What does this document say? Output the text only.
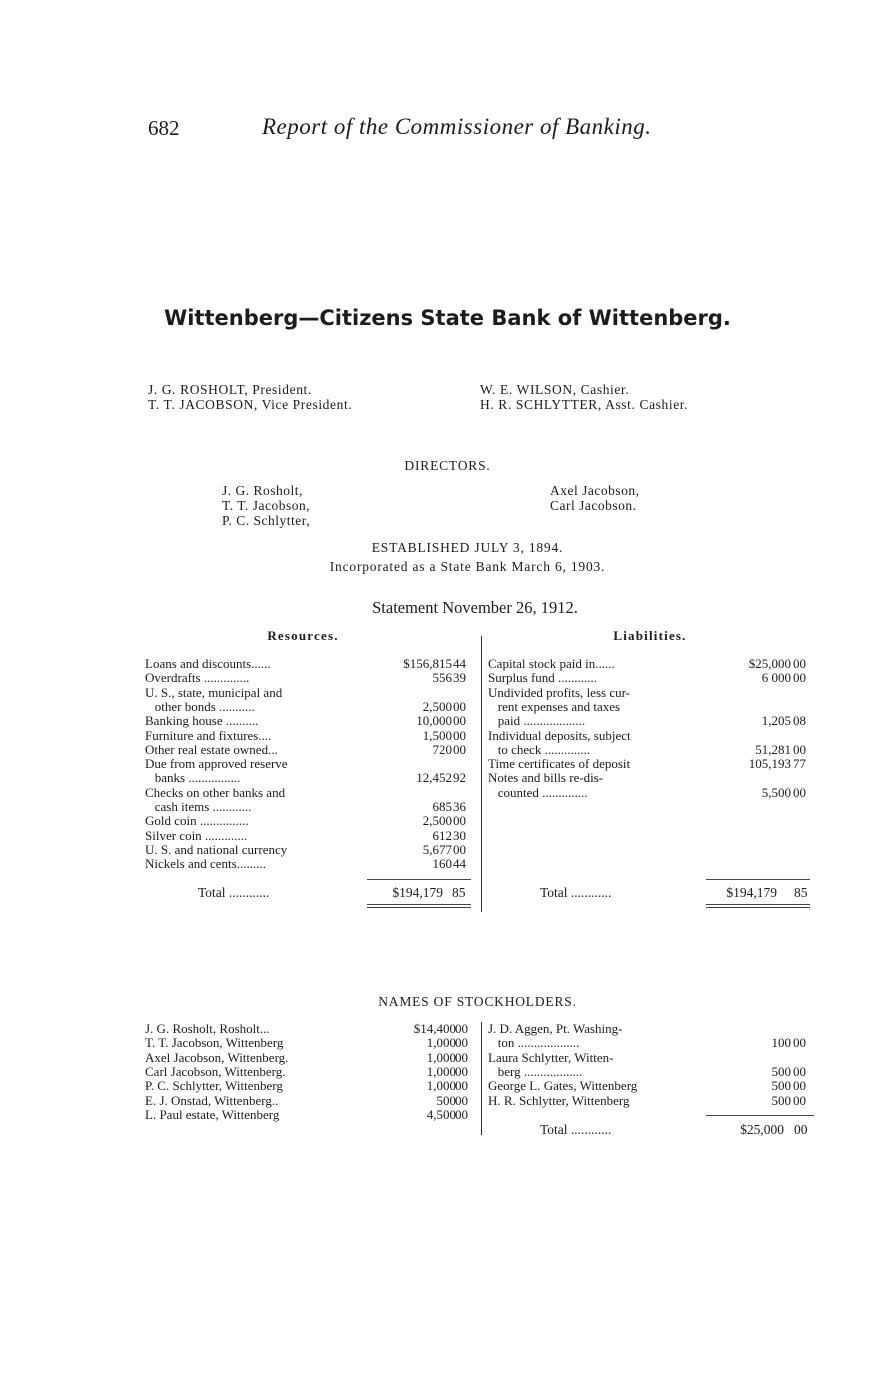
682	Report of the Commissioner of Banking.
Wittenberg—Citizens State Bank of Wittenberg.
J. G. ROSHOLT, President.
T. T. JACOBSON, Vice President.
W. E. WILSON, Cashier.
H. R. SCHLYTTER, Asst. Cashier.
DIRECTORS.
J. G. Rosholt,
T. T. Jacobson,
P. C. Schlytter,
Axel Jacobson,
Carl Jacobson.
ESTABLISHED JULY 3, 1894.
Incorporated as a State Bank March 6, 1903.
Statement November 26, 1912.
Resources.	Liabilities.
Loans and discounts......	$156,815 44
Overdrafts ..............	556 39
U. S., state, municipal and
other bonds ...........	2,500 00
Banking house ..........	10,000 00
Furniture and fixtures....	1,500 00
Other real estate owned...	720 00
Due from approved reserve
banks ................	12,452 92
Checks on other banks and
cash items ............	685 36
Gold coin ...............	2,500 00
Silver coin .............	612 30
U. S. and national currency	5,677 00
Nickels and cents.........	160 44
Capital stock paid in......	$25,000 00
Surplus fund ............	6 000 00
Undivided profits, less cur-
rent expenses and taxes
paid ...................	1,205 08
Individual deposits, subject
to check ..............	51,281 00
Time certificates of deposit	105,193 77
Notes and bills re-dis-
counted ..............	5,500 00
Total ............	$194,179 85	Total ............	$194,179 85
NAMES OF STOCKHOLDERS.
J. G. Rosholt, Rosholt...	$14,400 00
T. T. Jacobson, Wittenberg	1,000 00
Axel Jacobson, Wittenberg.	1,000 00
Carl Jacobson, Wittenberg.	1,000 00
P. C. Schlytter, Wittenberg	1,000 00
E. J. Onstad, Wittenberg..	500 00
L. Paul estate, Wittenberg	4,500 00
J. D. Aggen, Pt. Washing-
ton ...................	100 00
Laura Schlytter, Witten-
berg ..................	500 00
George L. Gates, Wittenberg	500 00
H. R. Schlytter, Wittenberg	500 00
Total ............	$25,000 00
